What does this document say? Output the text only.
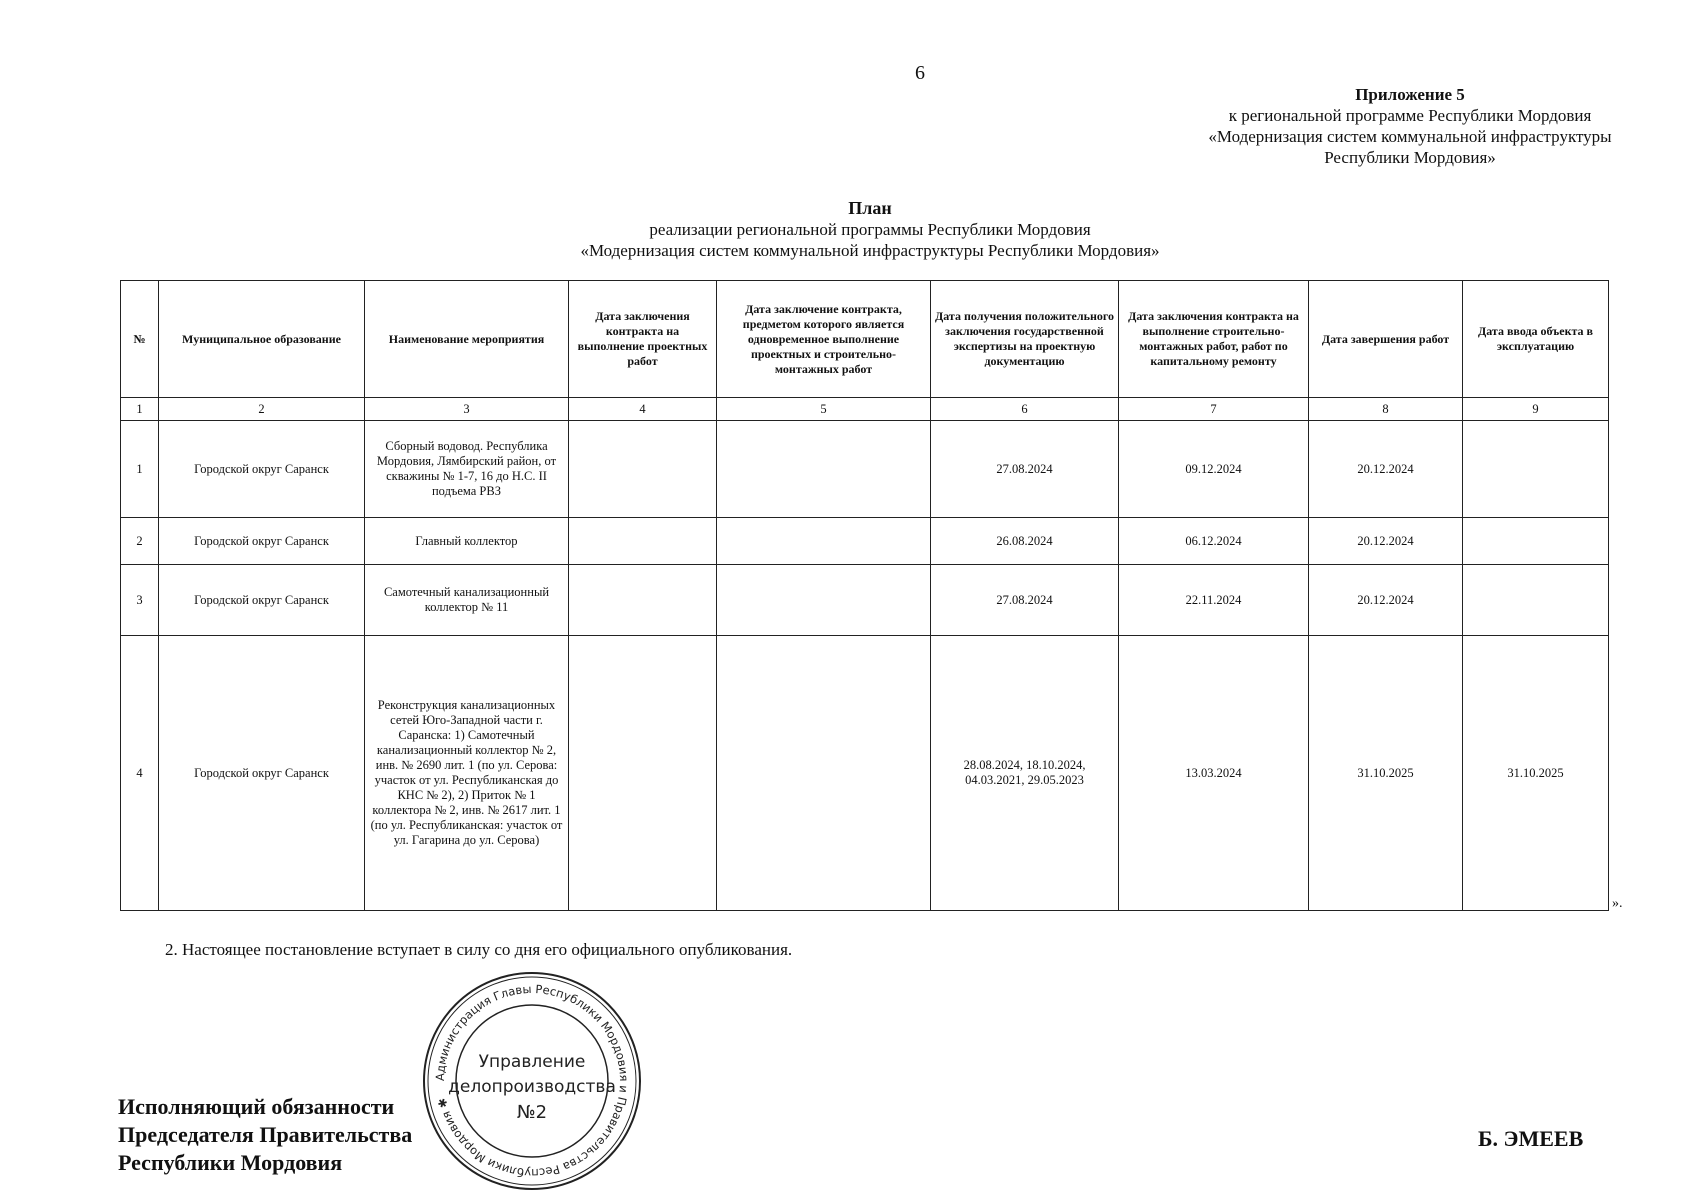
6
Приложение 5
к региональной программе Республики Мордовия
«Модернизация систем коммунальной инфраструктуры
Республики Мордовия»
План
реализации региональной программы Республики Мордовия
«Модернизация систем коммунальной инфраструктуры Республики Мордовия»
№	Муниципальное образование	Наименование мероприятия	Дата заключения контракта на выполнение проектных работ	Дата заключение контракта, предметом которого является одновременное выполнение проектных и строительно-монтажных работ	Дата получения положительного заключения государственной экспертизы на проектную документацию	Дата заключения контракта на выполнение строительно-монтажных работ, работ по капитальному ремонту	Дата завершения работ	Дата ввода объекта в эксплуатацию
1	2	3	4	5	6	7	8	9
1	Городской округ Саранск	Сборный водовод. Республика Мордовия, Лямбирский район, от скважины № 1-7, 16 до Н.С. II подъема РВЗ			27.08.2024	09.12.2024	20.12.2024	
2	Городской округ Саранск	Главный коллектор			26.08.2024	06.12.2024	20.12.2024	
3	Городской округ Саранск	Самотечный канализационный коллектор № 11			27.08.2024	22.11.2024	20.12.2024	
4	Городской округ Саранск	Реконструкция канализационных сетей Юго-Западной части г. Саранска: 1) Самотечный канализационный коллектор № 2, инв. № 2690 лит. 1 (по ул. Серова: участок от ул. Республиканская до КНС № 2), 2) Приток № 1 коллектора № 2, инв. № 2617 лит. 1 (по ул. Республиканская: участок от ул. Гагарина до ул. Серова)			28.08.2024, 18.10.2024, 04.03.2021, 29.05.2023	13.03.2024	31.10.2025	31.10.2025
».
2. Настоящее постановление вступает в силу со дня его официального опубликования.
Исполняющий обязанности
Председателя Правительства
Республики Мордовия
Б. ЭМЕЕВ
Администрация Главы Республики Мордовия и Правительства Республики Мордовия ✱
Управление
делопроизводства
№2
